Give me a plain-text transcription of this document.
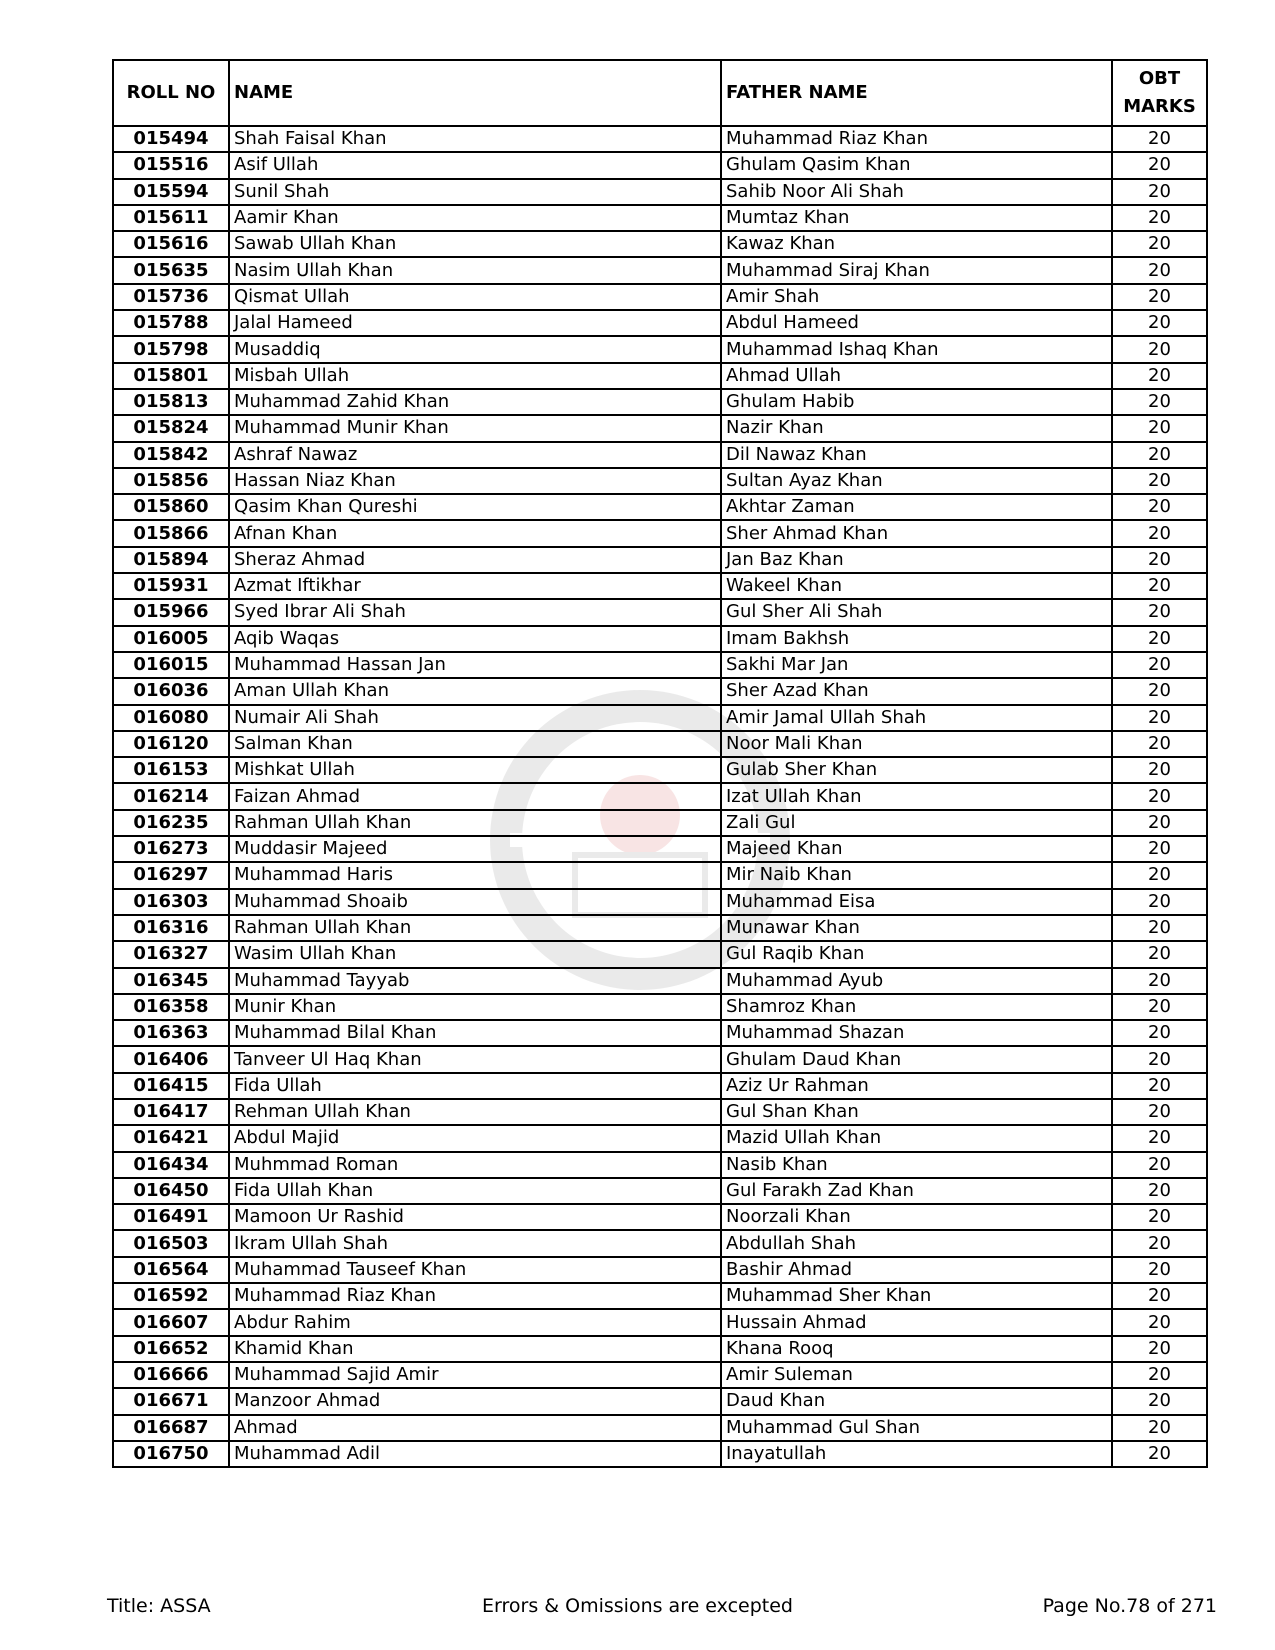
ROLL NO	NAME	FATHER NAME	OBT
MARKS
015494	Shah Faisal Khan	Muhammad Riaz Khan	20
015516	Asif Ullah	Ghulam Qasim Khan	20
015594	Sunil Shah	Sahib Noor Ali Shah	20
015611	Aamir Khan	Mumtaz Khan	20
015616	Sawab Ullah Khan	Kawaz Khan	20
015635	Nasim Ullah Khan	Muhammad Siraj Khan	20
015736	Qismat Ullah	Amir Shah	20
015788	Jalal Hameed	Abdul Hameed	20
015798	Musaddiq	Muhammad Ishaq Khan	20
015801	Misbah Ullah	Ahmad Ullah	20
015813	Muhammad Zahid Khan	Ghulam Habib	20
015824	Muhammad Munir Khan	Nazir Khan	20
015842	Ashraf Nawaz	Dil Nawaz Khan	20
015856	Hassan Niaz Khan	Sultan Ayaz Khan	20
015860	Qasim Khan Qureshi	Akhtar Zaman	20
015866	Afnan Khan	Sher Ahmad Khan	20
015894	Sheraz Ahmad	Jan Baz Khan	20
015931	Azmat Iftikhar	Wakeel Khan	20
015966	Syed Ibrar Ali Shah	Gul Sher Ali Shah	20
016005	Aqib Waqas	Imam Bakhsh	20
016015	Muhammad Hassan Jan	Sakhi Mar Jan	20
016036	Aman Ullah Khan	Sher Azad Khan	20
016080	Numair Ali Shah	Amir Jamal Ullah Shah	20
016120	Salman Khan	Noor Mali Khan	20
016153	Mishkat Ullah	Gulab Sher Khan	20
016214	Faizan Ahmad	Izat Ullah Khan	20
016235	Rahman Ullah Khan	Zali Gul	20
016273	Muddasir Majeed	Majeed Khan	20
016297	Muhammad Haris	Mir Naib Khan	20
016303	Muhammad Shoaib	Muhammad Eisa	20
016316	Rahman Ullah Khan	Munawar Khan	20
016327	Wasim Ullah Khan	Gul Raqib Khan	20
016345	Muhammad Tayyab	Muhammad Ayub	20
016358	Munir Khan	Shamroz Khan	20
016363	Muhammad Bilal Khan	Muhammad Shazan	20
016406	Tanveer Ul Haq Khan	Ghulam Daud Khan	20
016415	Fida Ullah	Aziz Ur Rahman	20
016417	Rehman Ullah Khan	Gul Shan Khan	20
016421	Abdul Majid	Mazid Ullah Khan	20
016434	Muhmmad Roman	Nasib Khan	20
016450	Fida Ullah Khan	Gul Farakh Zad Khan	20
016491	Mamoon Ur Rashid	Noorzali Khan	20
016503	Ikram Ullah Shah	Abdullah Shah	20
016564	Muhammad Tauseef Khan	Bashir Ahmad	20
016592	Muhammad Riaz Khan	Muhammad Sher Khan	20
016607	Abdur Rahim	Hussain Ahmad	20
016652	Khamid Khan	Khana Rooq	20
016666	Muhammad Sajid Amir	Amir Suleman	20
016671	Manzoor Ahmad	Daud Khan	20
016687	Ahmad	Muhammad Gul Shan	20
016750	Muhammad Adil	Inayatullah	20
Title: ASSA	Errors & Omissions are excepted	Page No.78 of 271
